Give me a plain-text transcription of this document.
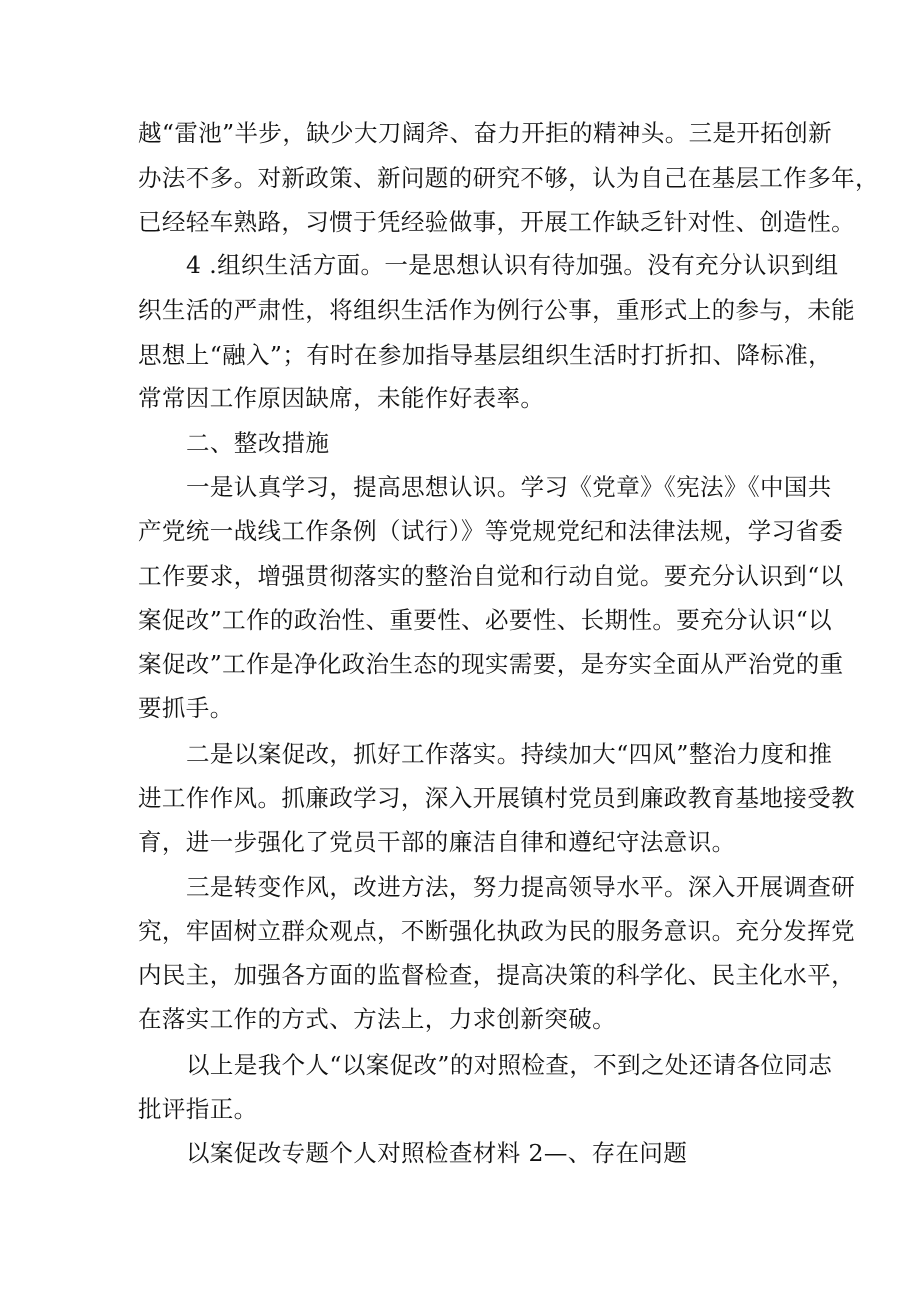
越“雷池”半步，缺少大刀阔斧、奋力开拒的精神头。三是开拓创新
办法不多。对新政策、新问题的研究不够，认为自己在基层工作多年，
已经轻车熟路，习惯于凭经验做事，开展工作缺乏针对性、创造性。
4 .组织生活方面。一是思想认识有待加强。没有充分认识到组
织生活的严肃性，将组织生活作为例行公事，重形式上的参与，未能
思想上“融入”；有时在参加指导基层组织生活时打折扣、降标准，
常常因工作原因缺席，未能作好表率。
二、整改措施
一是认真学习，提高思想认识。学习《党章》《宪法》《中国共
产党统一战线工作条例（试行）》等党规党纪和法律法规，学习省委
工作要求，增强贯彻落实的整治自觉和行动自觉。要充分认识到“以
案促改”工作的政治性、重要性、必要性、长期性。要充分认识“以
案促改”工作是净化政治生态的现实需要，是夯实全面从严治党的重
要抓手。
二是以案促改，抓好工作落实。持续加大“四风”整治力度和推
进工作作风。抓廉政学习，深入开展镇村党员到廉政教育基地接受教
育，进一步强化了党员干部的廉洁自律和遵纪守法意识。
三是转变作风，改进方法，努力提高领导水平。深入开展调查研
究，牢固树立群众观点，不断强化执政为民的服务意识。充分发挥党
内民主，加强各方面的监督检查，提高决策的科学化、民主化水平，
在落实工作的方式、方法上，力求创新突破。
以上是我个人“以案促改”的对照检查，不到之处还请各位同志
批评指正。
以案促改专题个人对照检查材料 2—、存在问题
